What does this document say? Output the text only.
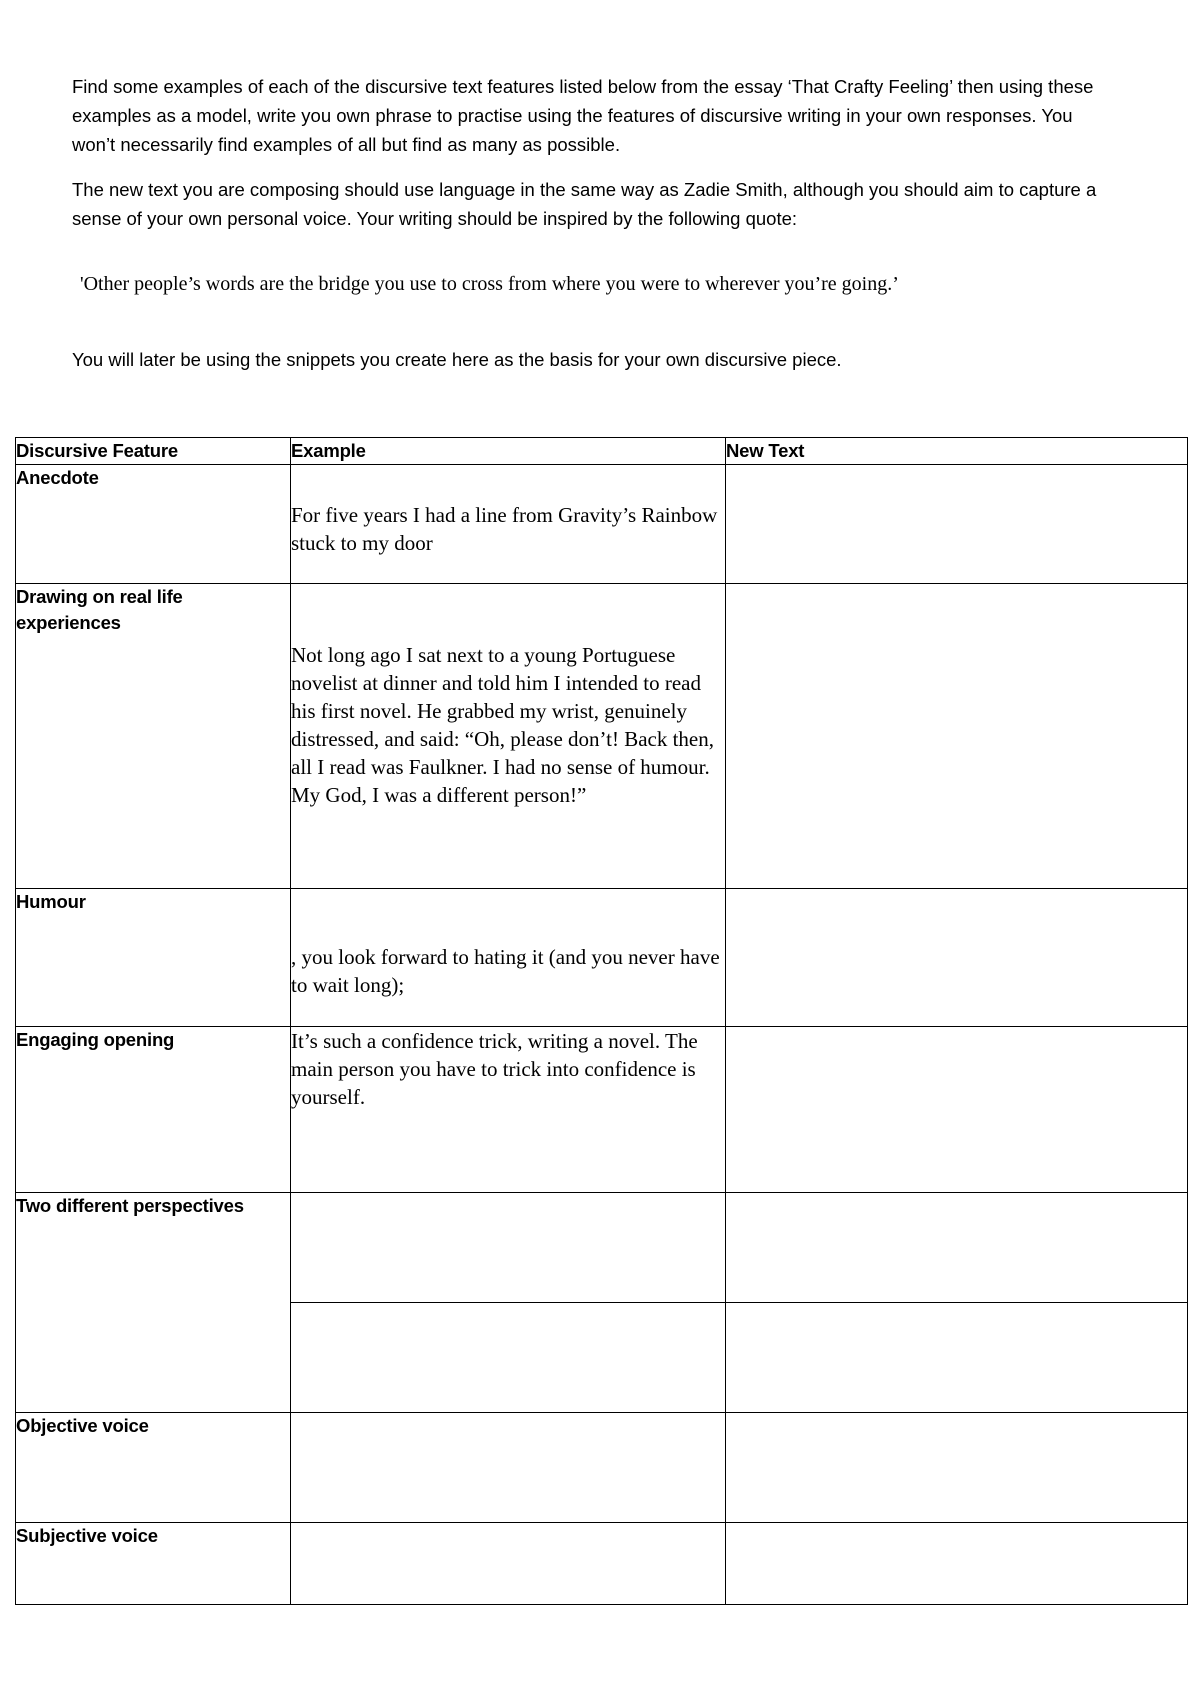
Find some examples of each of the discursive text features listed below from the essay ‘That Crafty Feeling’ then using these examples as a model, write you own phrase to practise using the features of discursive writing in your own responses. You won’t necessarily find examples of all but find as many as possible.

The new text you are composing should use language in the same way as Zadie Smith, although you should aim to capture a sense of your own personal voice. Your writing should be inspired by the following quote:

'Other people’s words are the bridge you use to cross from where you were to wherever you’re going.’
You will later be using the snippets you create here as the basis for your own discursive piece.
Discursive Feature	Example	New Text
Anecdote	For five years I had a line from Gravity’s Rainbow stuck to my door	
Drawing on real life experiences	Not long ago I sat next to a young Portuguese novelist at dinner and told him I intended to read his first novel. He grabbed my wrist, genuinely distressed, and said: “Oh, please don’t! Back then, all I read was Faulkner. I had no sense of humour. My God, I was a different person!”	
Humour	, you look forward to hating it (and you never have to wait long);	
Engaging opening	It’s such a confidence trick, writing a novel. The main person you have to trick into confidence is yourself.	
Two different perspectives		

Objective voice		
Subjective voice		
